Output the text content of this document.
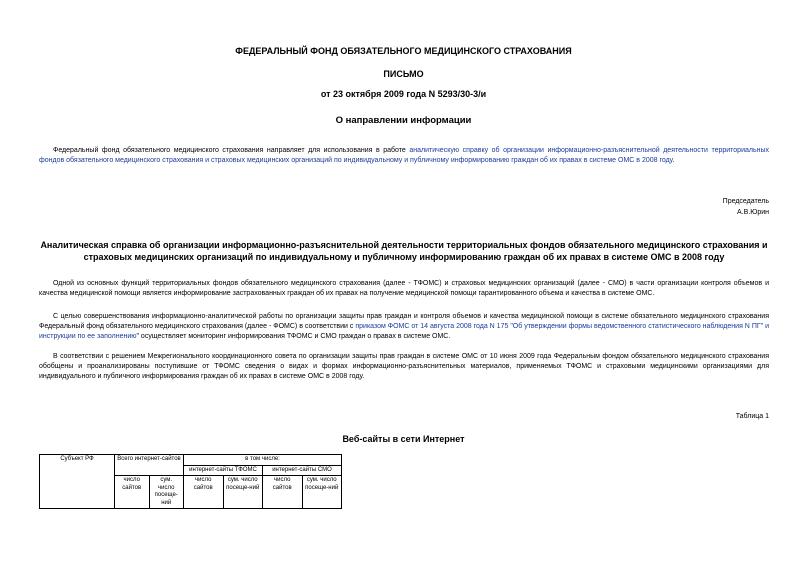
ФЕДЕРАЛЬНЫЙ ФОНД ОБЯЗАТЕЛЬНОГО МЕДИЦИНСКОГО СТРАХОВАНИЯ
ПИСЬМО
от 23 октября 2009 года N 5293/30-3/и
О направлении информации
Федеральный фонд обязательного медицинского страхования направляет для использования в работе аналитическую справку об организации информационно-разъяснительной деятельности территориальных фондов обязательного медицинского страхования и страховых медицинских организаций по индивидуальному и публичному информированию граждан об их правах в системе ОМС в 2008 году.
Председатель
А.В.Юрин
Аналитическая справка об организации информационно-разъяснительной деятельности территориальных фондов обязательного медицинского страхования и страховых медицинских организаций по индивидуальному и публичному информированию граждан об их правах в системе ОМС в 2008 году
Одной из основных функций территориальных фондов обязательного медицинского страхования (далее - ТФОМС) и страховых медицинских организаций (далее - СМО) в части организации контроля объемов и качества медицинской помощи является информирование застрахованных граждан об их правах на получение медицинской помощи гарантированного объема и качества в системе ОМС.
С целью совершенствования информационно-аналитической работы по организации защиты прав граждан и контроля объемов и качества медицинской помощи в системе обязательного медицинского страхования Федеральный фонд обязательного медицинского страхования (далее - ФОМС) в соответствии с приказом ФОМС от 14 августа 2008 года N 175 "Об утверждении формы ведомственного статистического наблюдения N ПГ" и инструкции по ее заполнению" осуществляет мониторинг информирования ТФОМС и СМО граждан о правах в системе ОМС.
В соответствии с решением Межрегионального координационного совета по организации защиты прав граждан в системе ОМС от 10 июня 2009 года Федеральным фондом обязательного медицинского страхования обобщены и проанализированы поступившие от ТФОМС сведения о видах и формах информационно-разъяснительных материалов, применяемых ТФОМС и страховыми медицинскими организациями для индивидуального и публичного информирования граждан об их правах в системе ОМС в 2008 году.
Таблица 1
Веб-сайты в сети Интернет
Субъект РФ	Всего интернет-сайтов		в том числе:			
			интернет-сайты ТФОМС		интернет-сайты СМО	
	число сайтов	сум. число посеще-ний	число сайтов	сум. число посеще-ний	число сайтов	сум. число посеще-ний
